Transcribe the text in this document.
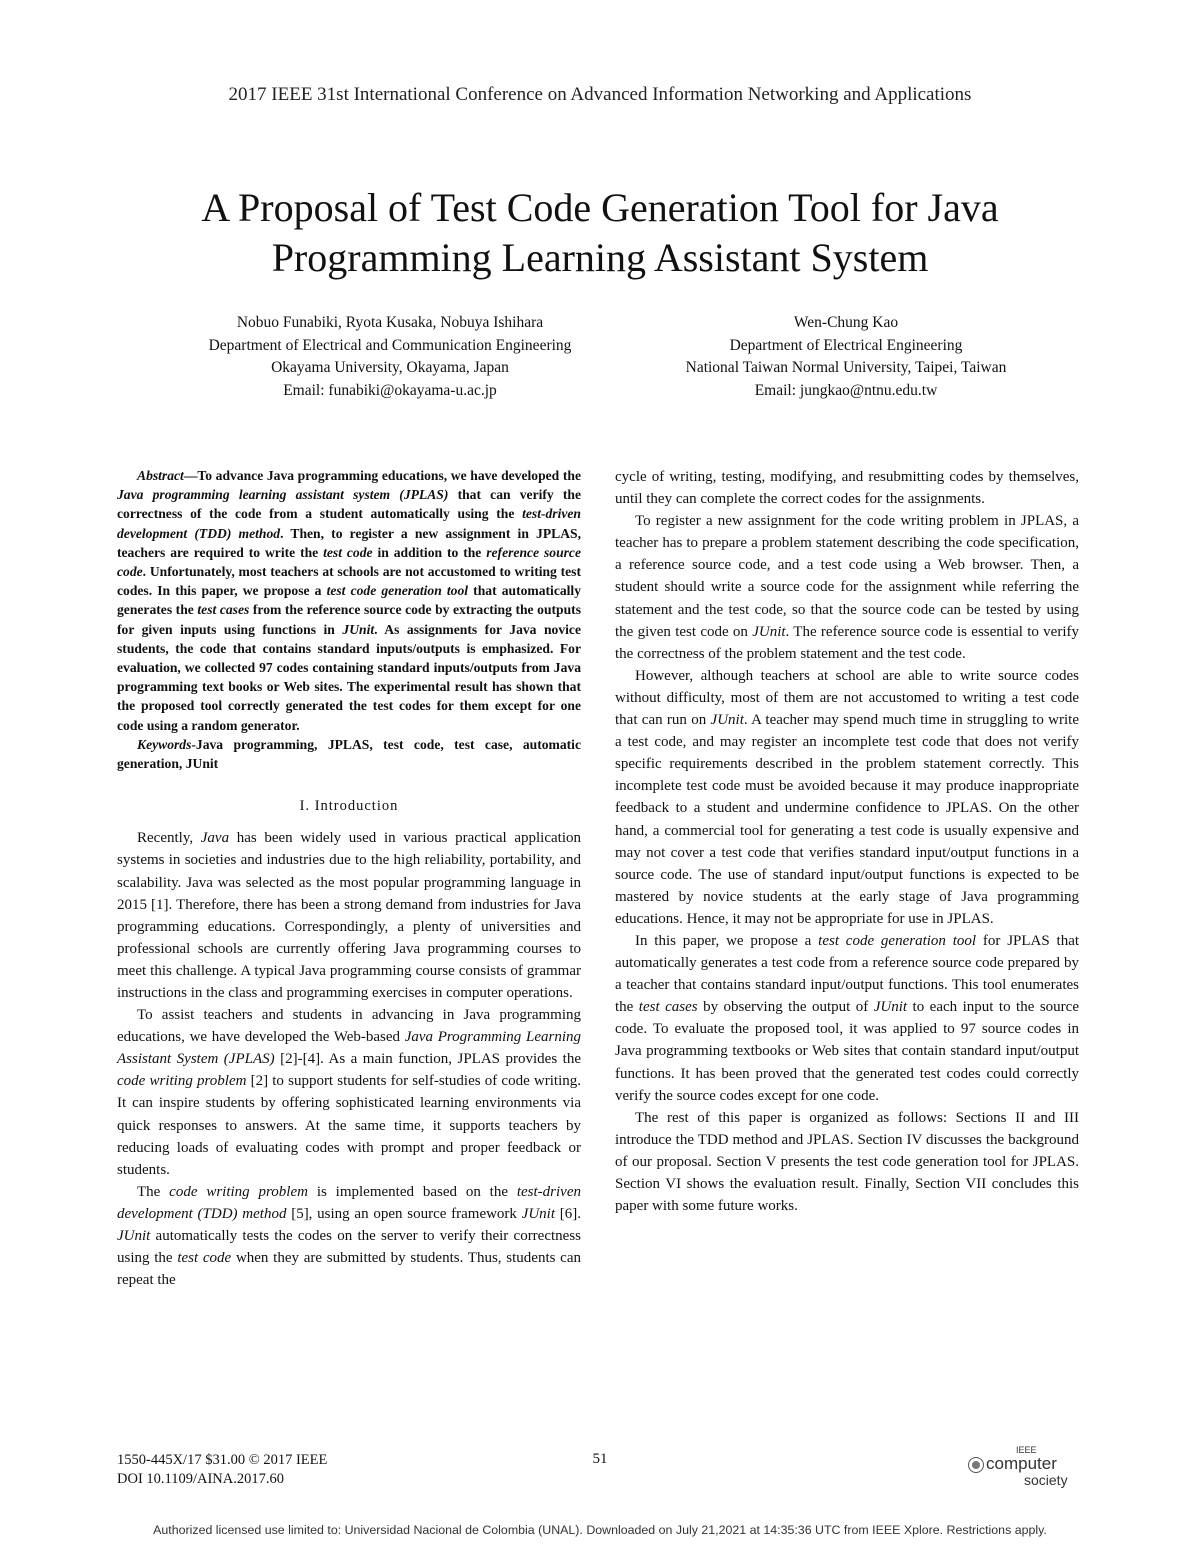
2017 IEEE 31st International Conference on Advanced Information Networking and Applications
A Proposal of Test Code Generation Tool for Java
Programming Learning Assistant System
Nobuo Funabiki, Ryota Kusaka, Nobuya Ishihara
Department of Electrical and Communication Engineering
Okayama University, Okayama, Japan
Email: funabiki@okayama-u.ac.jp
Wen-Chung Kao
Department of Electrical Engineering
National Taiwan Normal University, Taipei, Taiwan
Email: jungkao@ntnu.edu.tw

Abstract—To advance Java programming educations, we have developed the Java programming learning assistant system (JPLAS) that can verify the correctness of the code from a student automatically using the test-driven development (TDD) method. Then, to register a new assignment in JPLAS, teachers are required to write the test code in addition to the reference source code. Unfortunately, most teachers at schools are not accustomed to writing test codes. In this paper, we propose a test code generation tool that automatically generates the test cases from the reference source code by extracting the outputs for given inputs using functions in JUnit. As assignments for Java novice students, the code that contains standard inputs/outputs is emphasized. For evaluation, we collected 97 codes containing standard inputs/outputs from Java programming text books or Web sites. The experimental result has shown that the proposed tool correctly generated the test codes for them except for one code using a random generator.

Keywords-Java programming, JPLAS, test code, test case, automatic generation, JUnit

I. Introduction

Recently, Java has been widely used in various practical application systems in societies and industries due to the high reliability, portability, and scalability. Java was selected as the most popular programming language in 2015 [1]. Therefore, there has been a strong demand from industries for Java programming educations. Correspondingly, a plenty of universities and professional schools are currently offering Java programming courses to meet this challenge. A typical Java programming course consists of grammar instructions in the class and programming exercises in computer operations.

To assist teachers and students in advancing in Java programming educations, we have developed the Web-based Java Programming Learning Assistant System (JPLAS) [2]-[4]. As a main function, JPLAS provides the code writing problem [2] to support students for self-studies of code writing. It can inspire students by offering sophisticated learning environments via quick responses to answers. At the same time, it supports teachers by reducing loads of evaluating codes with prompt and proper feedback or students.

The code writing problem is implemented based on the test-driven development (TDD) method [5], using an open source framework JUnit [6]. JUnit automatically tests the codes on the server to verify their correctness using the test code when they are submitted by students. Thus, students can repeat the

cycle of writing, testing, modifying, and resubmitting codes by themselves, until they can complete the correct codes for the assignments.

To register a new assignment for the code writing problem in JPLAS, a teacher has to prepare a problem statement describing the code specification, a reference source code, and a test code using a Web browser. Then, a student should write a source code for the assignment while referring the statement and the test code, so that the source code can be tested by using the given test code on JUnit. The reference source code is essential to verify the correctness of the problem statement and the test code.

However, although teachers at school are able to write source codes without difficulty, most of them are not accustomed to writing a test code that can run on JUnit. A teacher may spend much time in struggling to write a test code, and may register an incomplete test code that does not verify specific requirements described in the problem statement correctly. This incomplete test code must be avoided because it may produce inappropriate feedback to a student and undermine confidence to JPLAS. On the other hand, a commercial tool for generating a test code is usually expensive and may not cover a test code that verifies standard input/output functions in a source code. The use of standard input/output functions is expected to be mastered by novice students at the early stage of Java programming educations. Hence, it may not be appropriate for use in JPLAS.

In this paper, we propose a test code generation tool for JPLAS that automatically generates a test code from a reference source code prepared by a teacher that contains standard input/output functions. This tool enumerates the test cases by observing the output of JUnit to each input to the source code. To evaluate the proposed tool, it was applied to 97 source codes in Java programming textbooks or Web sites that contain standard input/output functions. It has been proved that the generated test codes could correctly verify the source codes except for one code.

The rest of this paper is organized as follows: Sections II and III introduce the TDD method and JPLAS. Section IV discusses the background of our proposal. Section V presents the test code generation tool for JPLAS. Section VI shows the evaluation result. Finally, Section VII concludes this paper with some future works.

1550-445X/17 $31.00 © 2017 IEEE
DOI 10.1109/AINA.2017.60
51
IEEE
computer
society
Authorized licensed use limited to: Universidad Nacional de Colombia (UNAL). Downloaded on July 21,2021 at 14:35:36 UTC from IEEE Xplore. Restrictions apply.
